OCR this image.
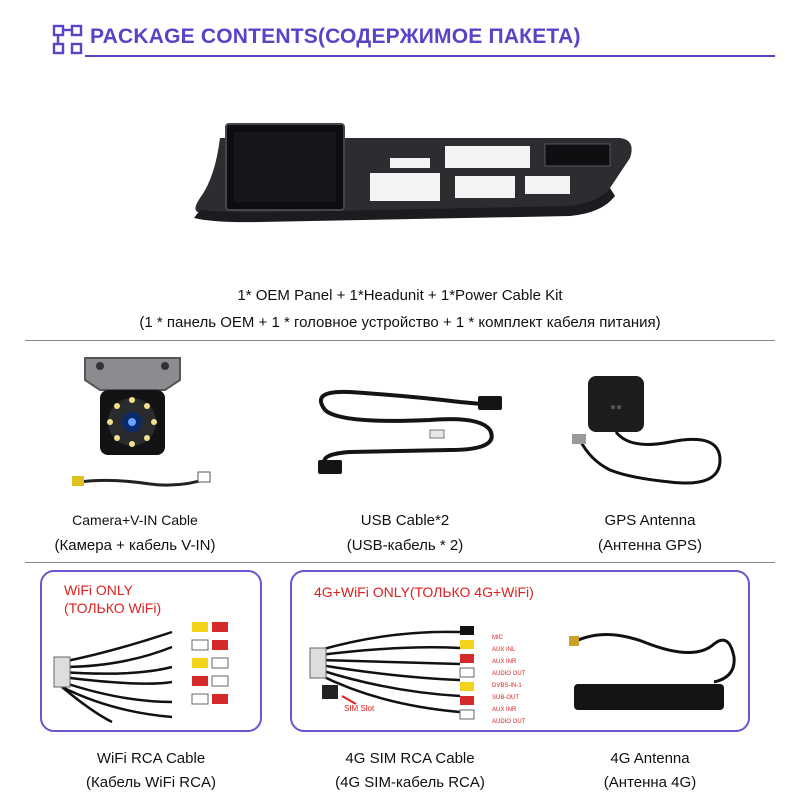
PACKAGE CONTENTS(СОДЕРЖИМОЕ ПАКЕТА)
1* OEM Panel + 1*Headunit + 1*Power Cable Kit
(1 * панель OEM + 1 * головное устройство + 1 * комплект кабеля питания)
Camera+V-IN Cable
(Камера + кабель V-IN)
USB Cable*2
(USB-кабель * 2)
●●
GPS Antenna
(Антенна GPS)
WiFi ONLY
(ТОЛЬКО WiFi)
WiFi RCA Cable
(Кабель WiFi RCA)
4G+WiFi ONLY(ТОЛЬКО 4G+WiFi)
SIM Slot
MIC
AUX INL
AUX INR
AUDIO OUT
DVBS-IN-1
SUB-OUT
AUX INR
AUDIO OUT
4G SIM RCA Cable
(4G SIM-кабель RCA)
4G Antenna
(Антенна 4G)
